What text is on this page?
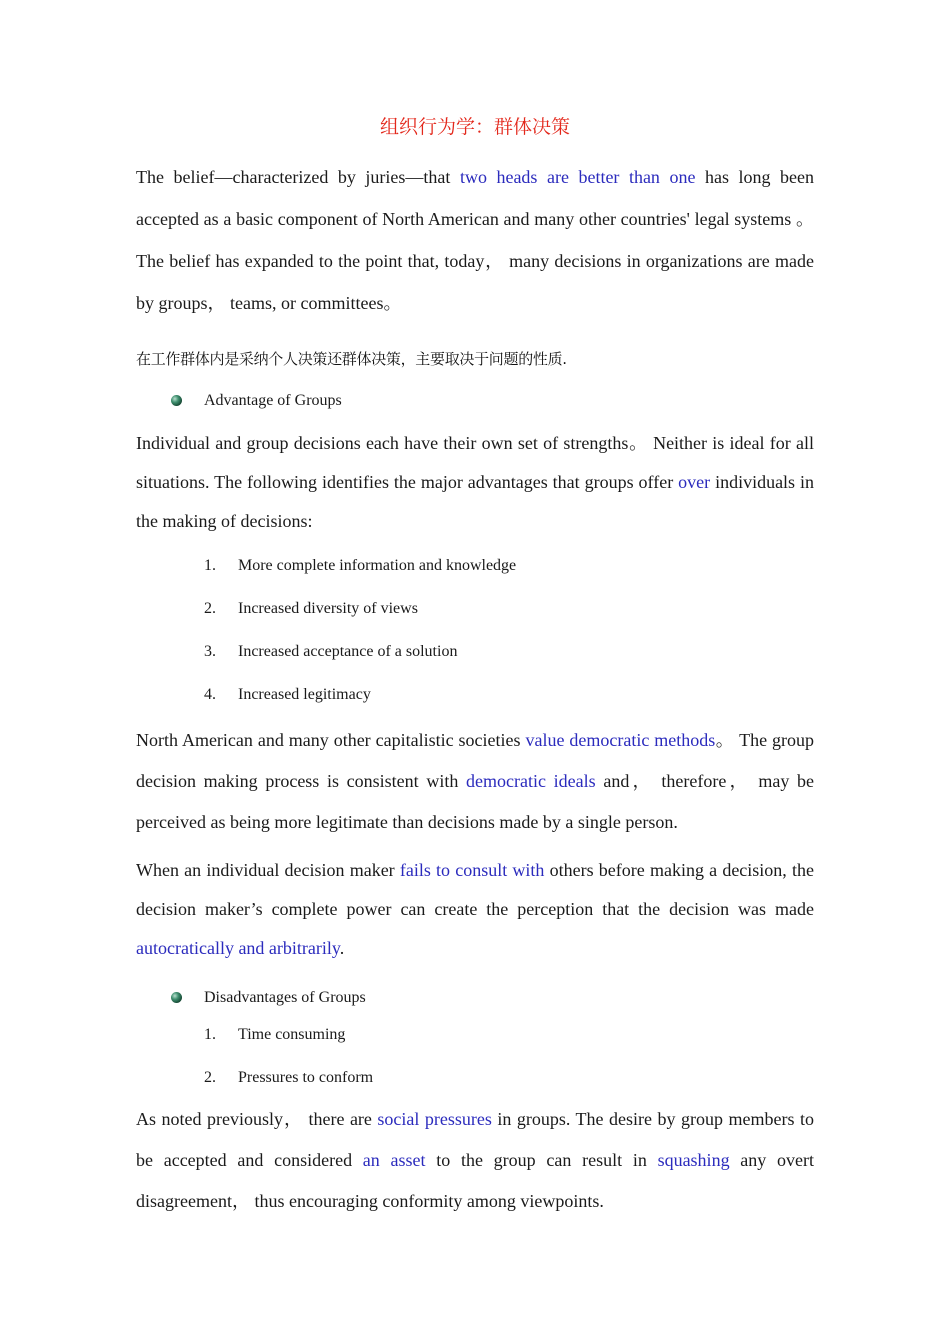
组织行为学：群体决策

The belief—characterized by juries—that two heads are better than one has long been accepted as a basic component of North American and many other countries' legal systems 。 The belief has expanded to the point that, today， many decisions in organizations are made by groups， teams, or committees。

在工作群体内是采纳个人决策还群体决策，主要取决于问题的性质.
Advantage of Groups

Individual and group decisions each have their own set of strengths。 Neither is ideal for all situations. The following identifies the major advantages that groups offer over individuals in the making of decisions:

1. More complete information and knowledge
2. Increased diversity of views
3. Increased acceptance of a solution
4. Increased legitimacy

North American and many other capitalistic societies value democratic methods。 The group decision making process is consistent with democratic ideals and， therefore， may be perceived as being more legitimate than decisions made by a single person.

When an individual decision maker fails to consult with others before making a decision, the decision maker’s complete power can create the perception that the decision was made autocratically and arbitrarily.

Disadvantages of Groups
1. Time consuming
2. Pressures to conform

As noted previously， there are social pressures in groups. The desire by group members to be accepted and considered an asset to the group can result in squashing any overt disagreement， thus encouraging conformity among viewpoints.
